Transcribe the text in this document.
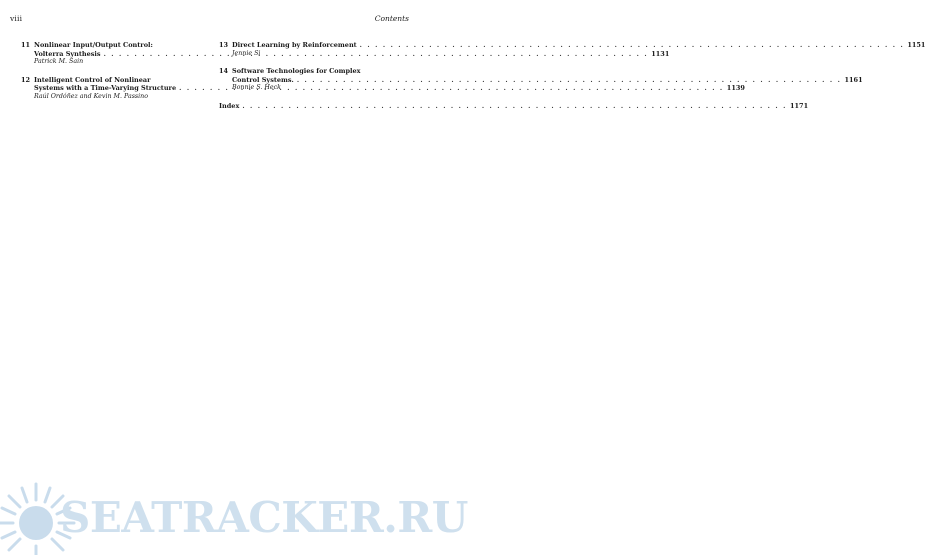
viii	Contents
11 Nonlinear Input/Output Control:
Volterra Synthesis . . .	1131
Patrick M. Sain
12 Intelligent Control of Nonlinear
Systems with a Time-Varying Structure . . .	1139
Raúl Ordóñez and Kevin M. Passino
13 Direct Learning by Reinforcement . . .	1151
Jennie Si
14 Software Technologies for Complex
Control Systems. . . .	1161
Bonnie S. Heck
Index . . .	1171
SEATRACKER.RU
